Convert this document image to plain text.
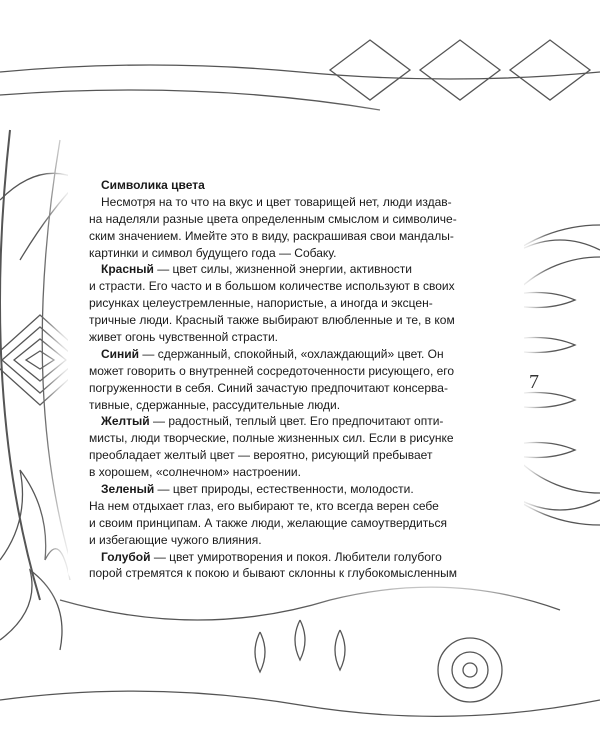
Символика цвета
Несмотря на то что на вкус и цвет товарищей нет, люди издав-
на наделяли разные цвета определенным смыслом и символиче-
ским значением. Имейте это в виду, раскрашивая свои мандалы-
картинки и символ будущего года — Собаку.
Красный — цвет силы, жизненной энергии, активности
и страсти. Его часто и в большом количестве используют в своих
рисунках целеустремленные, напористые, а иногда и эксцен-
тричные люди. Красный также выбирают влюбленные и те, в ком
живет огонь чувственной страсти.
Синий — сдержанный, спокойный, «охлаждающий» цвет. Он
может говорить о внутренней сосредоточенности рисующего, его
погруженности в себя. Синий зачастую предпочитают консерва-
тивные, сдержанные, рассудительные люди.
Желтый — радостный, теплый цвет. Его предпочитают опти-
мисты, люди творческие, полные жизненных сил. Если в рисунке
преобладает желтый цвет — вероятно, рисующий пребывает
в хорошем, «солнечном» настроении.
Зеленый — цвет природы, естественности, молодости.
На нем отдыхает глаз, его выбирают те, кто всегда верен себе
и своим принципам. А также люди, желающие самоутвердиться
и избегающие чужого влияния.
Голубой — цвет умиротворения и покоя. Любители голубого
порой стремятся к покою и бывают склонны к глубокомысленным
7
